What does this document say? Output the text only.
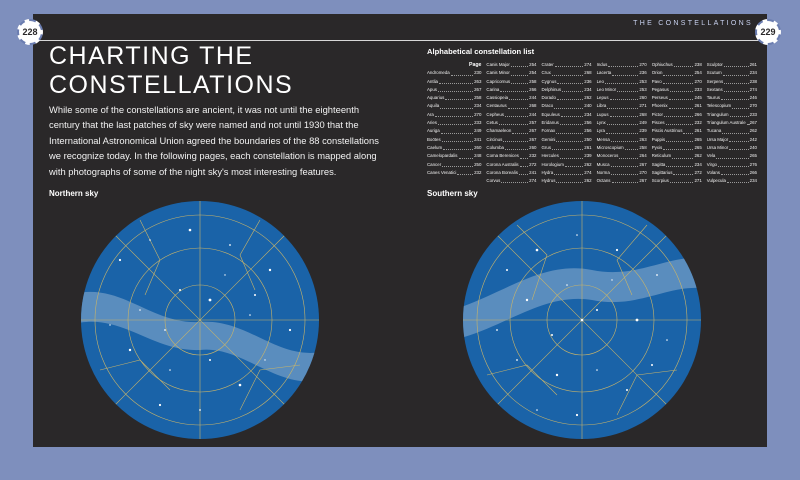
THE CONSTELLATIONS
228	229
CHARTING THE
CONSTELLATIONS

While some of the constellations are ancient, it was not until the eighteenth century that the last patches of sky were named and not until 1930 that the International Astronomical Union agreed the boundaries of the 88 constellations we recognize today. In the following pages, each constellation is mapped along with photographs of some of the night sky's most interesting features.

Northern sky	Southern sky
Alphabetical constellation list
Page
Andromeda	230
Antlia	263
Apus	267
Aquarius	258
Aquila	234
Ara	270
Aries	233
Auriga	249
Boötes	241
Caelum	260
Camelopardalis	248
Cancer	250
Canes Venatici	232
Canis Major	254
Canis Minor	254
Capricornus	258
Carina	266
Cassiopeia	244
Centaurus	268
Cepheus	244
Cetus	257
Chamaeleon	267
Circinus	267
Columba	260
Coma Berenices 232
Corona Australis 272
Corona Borealis	241
Corvus	274
Crater	274
Crux	268
Cygnus	236
Delphinus	234
Dorado	262
Draco	240
Equuleus	234
Eridanus	256
Fornax	256
Gemini	250
Grus	261
Hercules	239
Horologium	262
Hydra	274
Hydrus	262
Indus	270
Lacerta	236
Leo	253
Leo Minor	253
Lepus	260
Libra	271
Lupus	268
Lynx	249
Lyra	239
Mensa	263
Microscopium	258
Monoceros	264
Musca	267
Norma	270
Octans	267
Ophiuchus	238
Orion	254
Pavo	270
Pegasus	233
Perseus	245
Phoenix	261
Pictor	266
Pisces	232
Piscis Austrinus	261
Puppis	265
Pyxis	265
Reticulum	262
Sagitta	234
Sagittarius	272
Scorpius	271
Sculptor	261
Scutum	234
Serpens	238
Sextans	274
Taurus	246
Telescopium	270
Triangulum	233
Triangulum Australe 267
Tucana	262
Ursa Major	242
Ursa Minor	240
Vela	265
Virgo	276
Volans	266
Vulpecula	234
